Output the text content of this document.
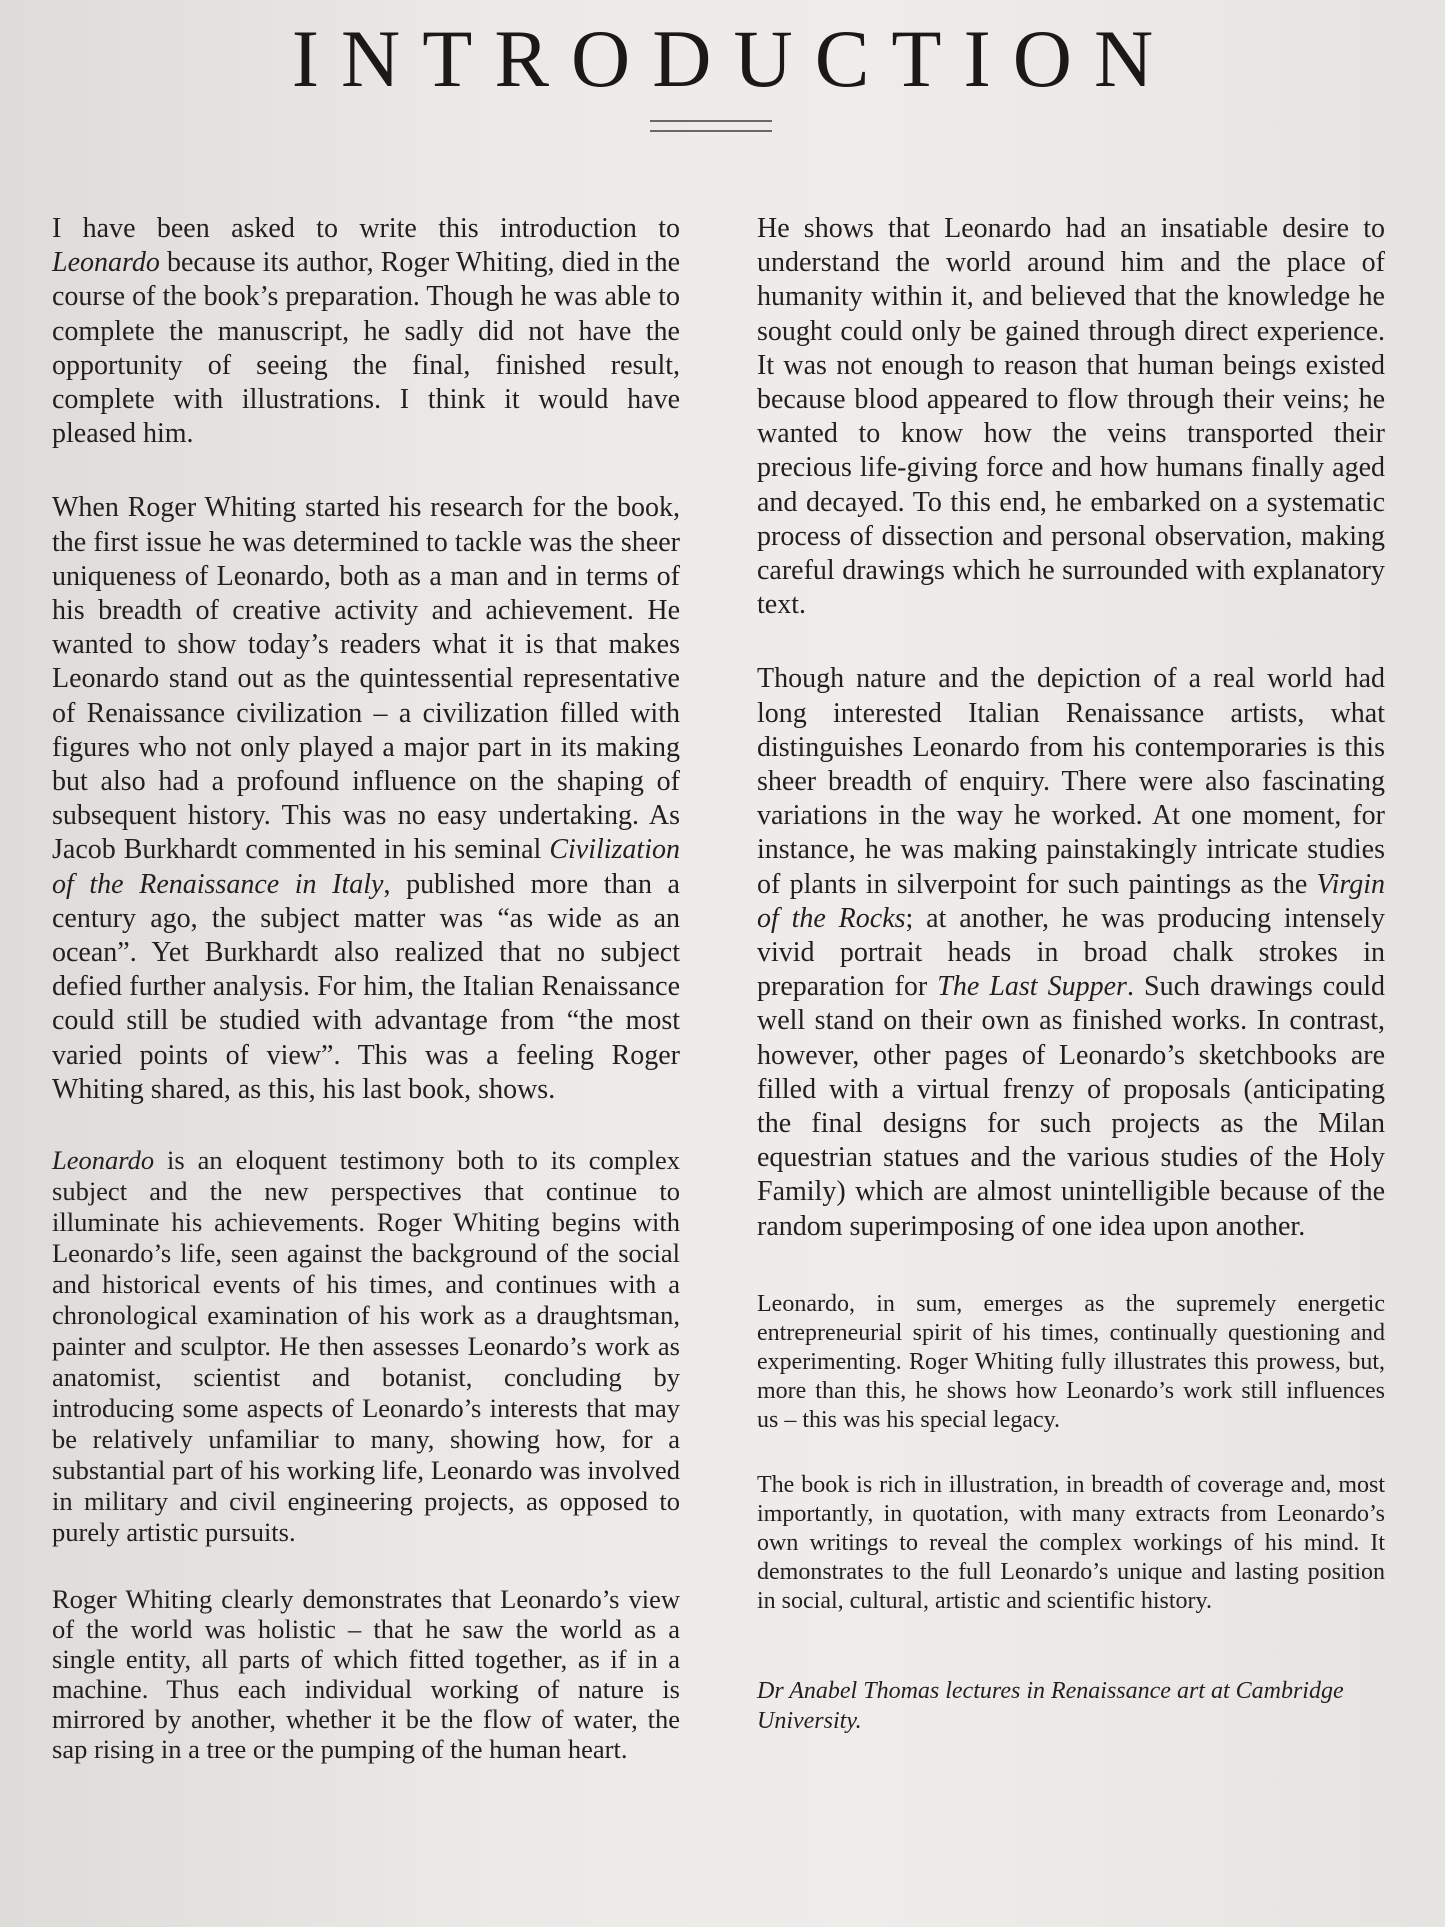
INTRODUCTION

I have been asked to write this introduction to Leonardo because its author, Roger Whiting, died in the course of the book’s preparation. Though he was able to complete the manuscript, he sadly did not have the opportunity of seeing the final, finished result, complete with illustrations. I think it would have pleased him.

When Roger Whiting started his research for the book, the first issue he was determined to tackle was the sheer uniqueness of Leonardo, both as a man and in terms of his breadth of creative activity and achievement. He wanted to show today’s readers what it is that makes Leonardo stand out as the quintessential representative of Renaissance civilization – a civilization filled with figures who not only played a major part in its making but also had a profound influence on the shaping of subsequent history. This was no easy undertaking. As Jacob Burkhardt commented in his seminal Civilization of the Renaissance in Italy, published more than a century ago, the subject matter was “as wide as an ocean”. Yet Burkhardt also realized that no subject defied further analysis. For him, the Italian Renaissance could still be studied with advantage from “the most varied points of view”. This was a feeling Roger Whiting shared, as this, his last book, shows.

Leonardo is an eloquent testimony both to its complex subject and the new perspectives that continue to illuminate his achievements. Roger Whiting begins with Leonardo’s life, seen against the background of the social and historical events of his times, and continues with a chronological examination of his work as a draughtsman, painter and sculptor. He then assesses Leonardo’s work as anatomist, scientist and botanist, concluding by introducing some aspects of Leonardo’s interests that may be relatively unfamiliar to many, showing how, for a substantial part of his working life, Leonardo was involved in military and civil engineering projects, as opposed to purely artistic pursuits.

Roger Whiting clearly demonstrates that Leonardo’s view of the world was holistic – that he saw the world as a single entity, all parts of which fitted together, as if in a machine. Thus each individual working of nature is mirrored by another, whether it be the flow of water, the sap rising in a tree or the pumping of the human heart.

He shows that Leonardo had an insatiable desire to understand the world around him and the place of humanity within it, and believed that the knowledge he sought could only be gained through direct experience. It was not enough to reason that human beings existed because blood appeared to flow through their veins; he wanted to know how the veins transported their precious life-giving force and how humans finally aged and decayed. To this end, he embarked on a systematic process of dissection and personal observation, making careful drawings which he surrounded with explanatory text.

Though nature and the depiction of a real world had long interested Italian Renaissance artists, what distinguishes Leonardo from his contemporaries is this sheer breadth of enquiry. There were also fascinating variations in the way he worked. At one moment, for instance, he was making painstakingly intricate studies of plants in silverpoint for such paintings as the Virgin of the Rocks; at another, he was producing intensely vivid portrait heads in broad chalk strokes in preparation for The Last Supper. Such drawings could well stand on their own as finished works. In contrast, however, other pages of Leonardo’s sketchbooks are filled with a virtual frenzy of proposals (anticipating the final designs for such projects as the Milan equestrian statues and the various studies of the Holy Family) which are almost unintelligible because of the random superimposing of one idea upon another.

Leonardo, in sum, emerges as the supremely energetic entrepreneurial spirit of his times, continually questioning and experimenting. Roger Whiting fully illustrates this prowess, but, more than this, he shows how Leonardo’s work still influences us – this was his special legacy.

The book is rich in illustration, in breadth of coverage and, most importantly, in quotation, with many extracts from Leonardo’s own writings to reveal the complex workings of his mind. It demonstrates to the full Leonardo’s unique and lasting position in social, cultural, artistic and scientific history.

Dr Anabel Thomas lectures in Renaissance art at Cambridge University.
